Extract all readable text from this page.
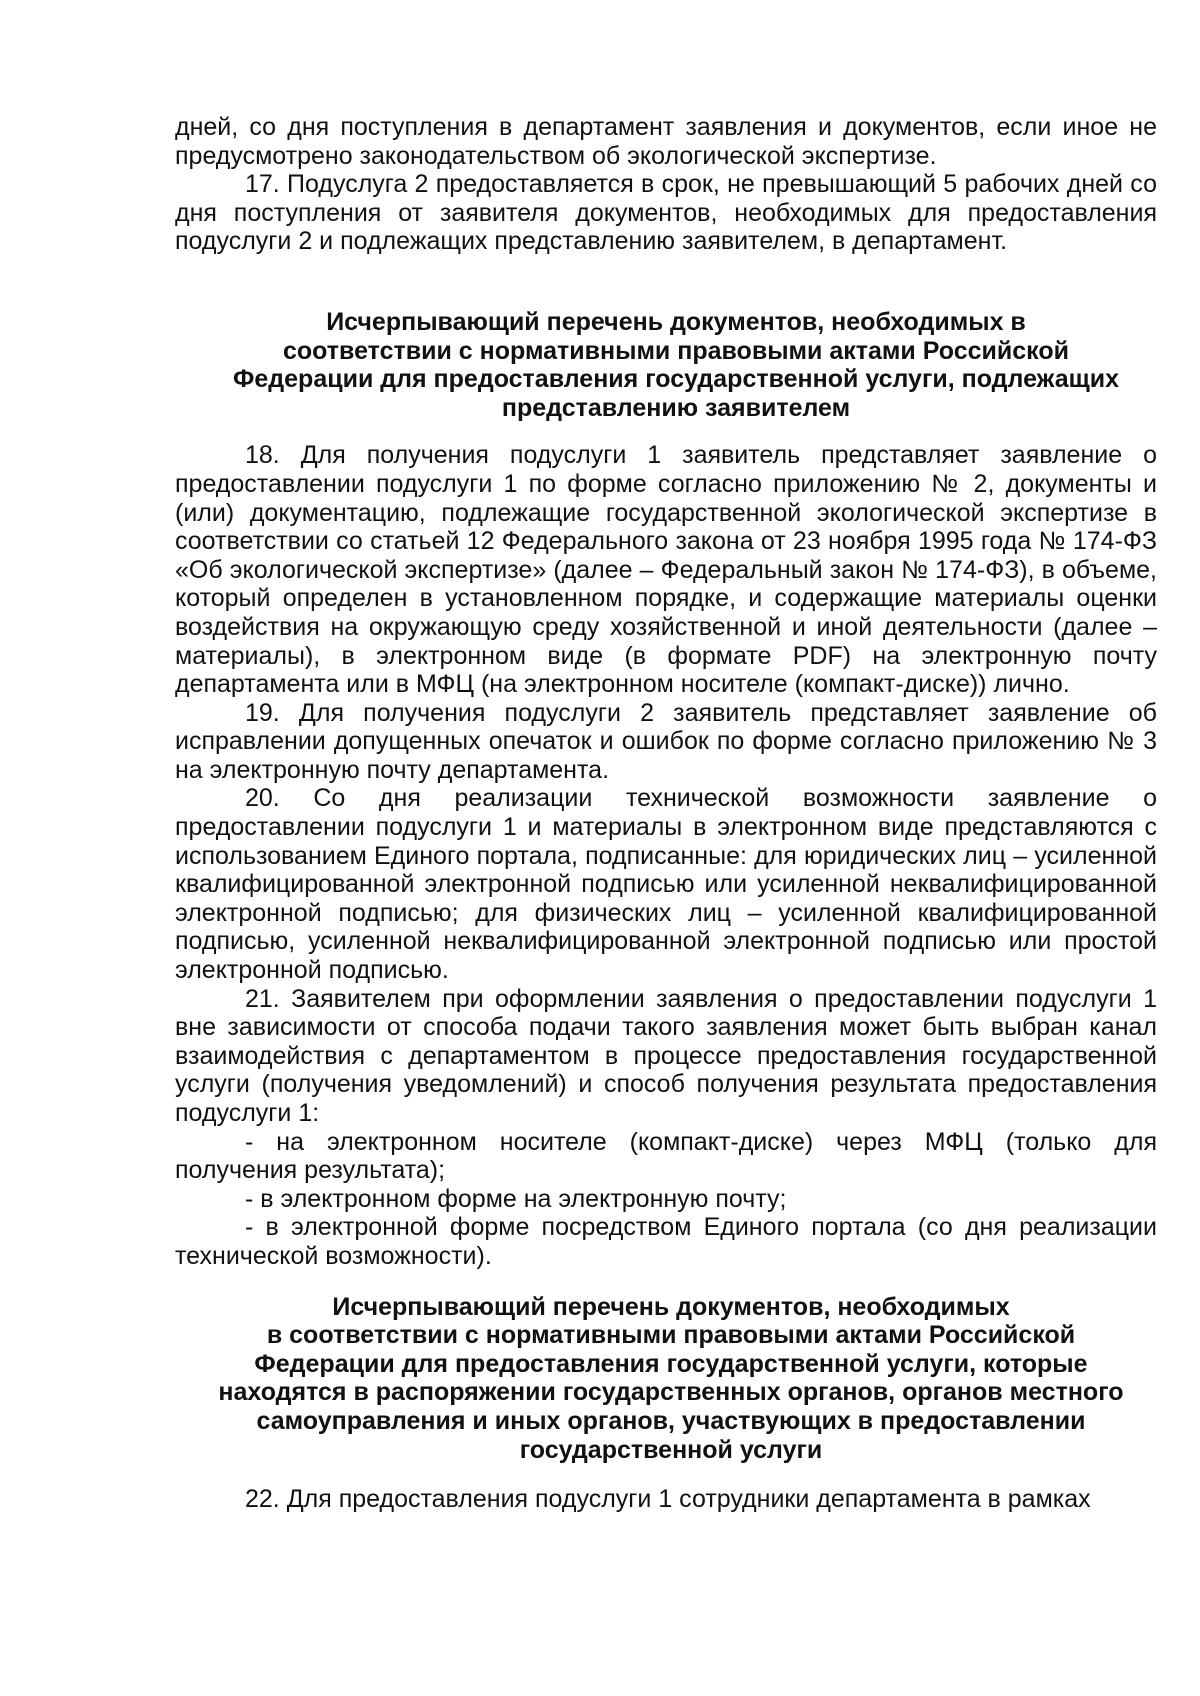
дней, со дня поступления в департамент заявления и документов, если иное не предусмотрено законодательством об экологической экспертизе.

17. Подуслуга 2 предоставляется в срок, не превышающий 5 рабочих дней со дня поступления от заявителя документов, необходимых для предоставления подуслуги 2 и подлежащих представлению заявителем, в департамент.

Исчерпывающий перечень документов, необходимых в
соответствии с нормативными правовыми актами Российской
Федерации для предоставления государственной услуги, подлежащих
представлению заявителем

18. Для получения подуслуги 1 заявитель представляет заявление о предоставлении подуслуги 1 по форме согласно приложению № 2, документы и (или) документацию, подлежащие государственной экологической экспертизе в соответствии со статьей 12 Федерального закона от 23 ноября 1995 года № 174-ФЗ «Об экологической экспертизе» (далее – Федеральный закон № 174-ФЗ), в объеме, который определен в установленном порядке, и содержащие материалы оценки воздействия на окружающую среду хозяйственной и иной деятельности (далее – материалы), в электронном виде (в формате PDF) на электронную почту департамента или в МФЦ (на электронном носителе (компакт-диске)) лично.

19. Для получения подуслуги 2 заявитель представляет заявление об исправлении допущенных опечаток и ошибок по форме согласно приложению № 3 на электронную почту департамента.

20. Со дня реализации технической возможности заявление о предоставлении подуслуги 1 и материалы в электронном виде представляются с использованием Единого портала, подписанные: для юридических лиц – усиленной квалифицированной электронной подписью или усиленной неквалифицированной электронной подписью; для физических лиц – усиленной квалифицированной подписью, усиленной неквалифицированной электронной подписью или простой электронной подписью.

21. Заявителем при оформлении заявления о предоставлении подуслуги 1 вне зависимости от способа подачи такого заявления может быть выбран канал взаимодействия с департаментом в процессе предоставления государственной услуги (получения уведомлений) и способ получения результата предоставления подуслуги 1:

- на электронном носителе (компакт-диске) через МФЦ (только для получения результата);

- в электронном форме на электронную почту;

- в электронной форме посредством Единого портала (со дня реализации технической возможности).

Исчерпывающий перечень документов, необходимых
в соответствии с нормативными правовыми актами Российской
Федерации для предоставления государственной услуги, которые
находятся в распоряжении государственных органов, органов местного
самоуправления и иных органов, участвующих в предоставлении
государственной услуги

22. Для предоставления подуслуги 1 сотрудники департамента в рамках
